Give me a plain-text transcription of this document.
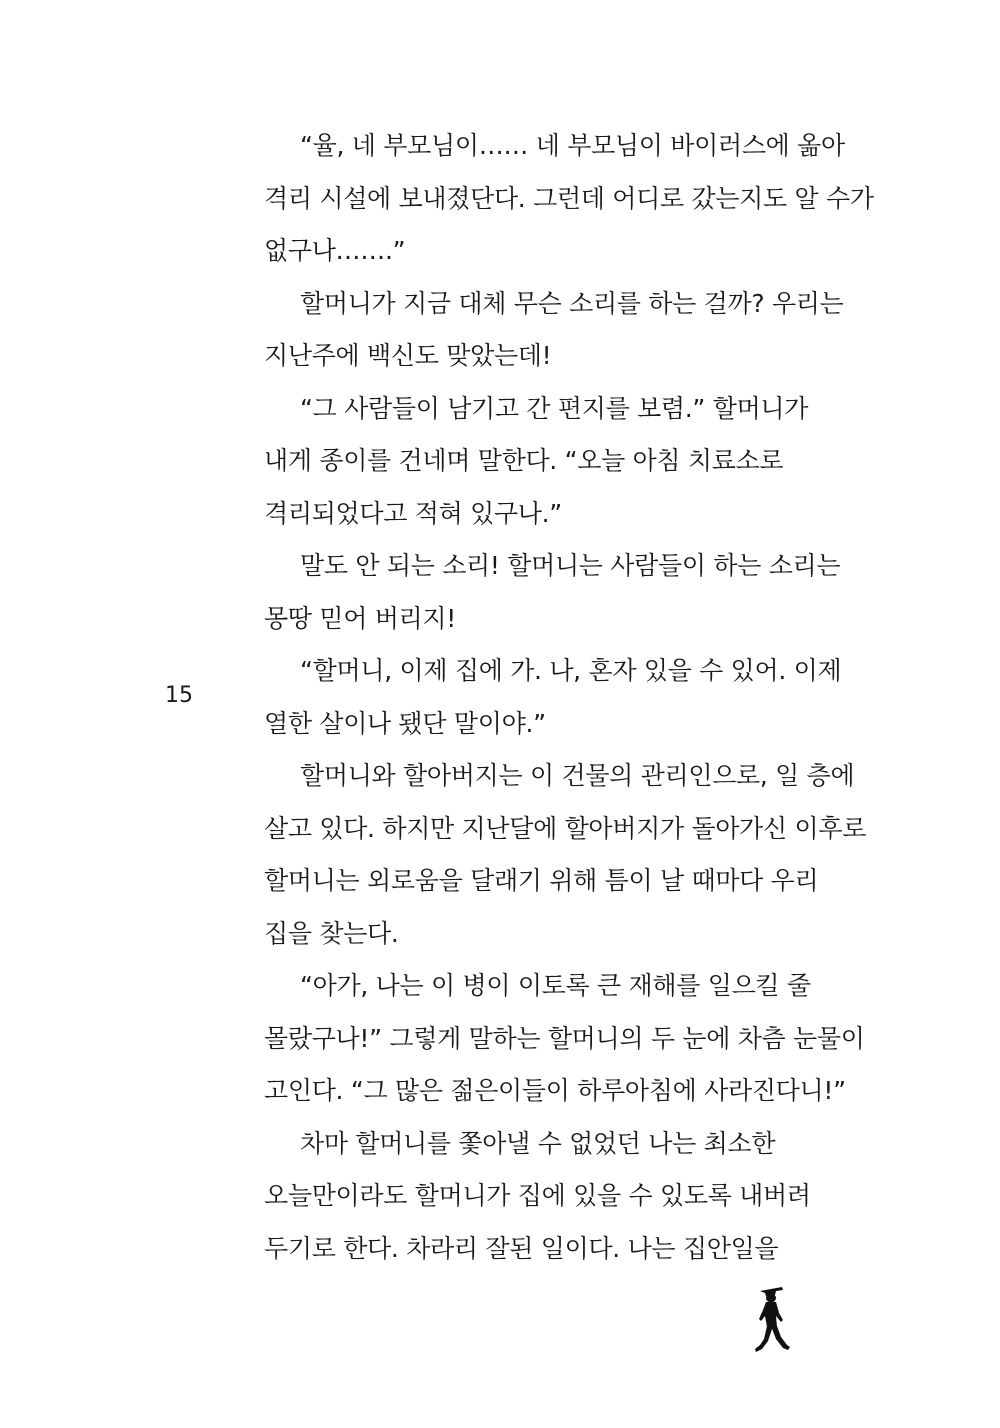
“율, 네 부모님이…… 네 부모님이 바이러스에 옮아
격리 시설에 보내졌단다. 그런데 어디로 갔는지도 알 수가
없구나…….”
할머니가 지금 대체 무슨 소리를 하는 걸까? 우리는
지난주에 백신도 맞았는데!
“그 사람들이 남기고 간 편지를 보렴.” 할머니가
내게 종이를 건네며 말한다. “오늘 아침 치료소로
격리되었다고 적혀 있구나.”
말도 안 되는 소리! 할머니는 사람들이 하는 소리는
몽땅 믿어 버리지!
“할머니, 이제 집에 가. 나, 혼자 있을 수 있어. 이제
열한 살이나 됐단 말이야.”
할머니와 할아버지는 이 건물의 관리인으로, 일 층에
살고 있다. 하지만 지난달에 할아버지가 돌아가신 이후로
할머니는 외로움을 달래기 위해 틈이 날 때마다 우리
집을 찾는다.
“아가, 나는 이 병이 이토록 큰 재해를 일으킬 줄
몰랐구나!” 그렇게 말하는 할머니의 두 눈에 차츰 눈물이
고인다. “그 많은 젊은이들이 하루아침에 사라진다니!”
차마 할머니를 쫓아낼 수 없었던 나는 최소한
오늘만이라도 할머니가 집에 있을 수 있도록 내버려
두기로 한다. 차라리 잘된 일이다. 나는 집안일을
15
